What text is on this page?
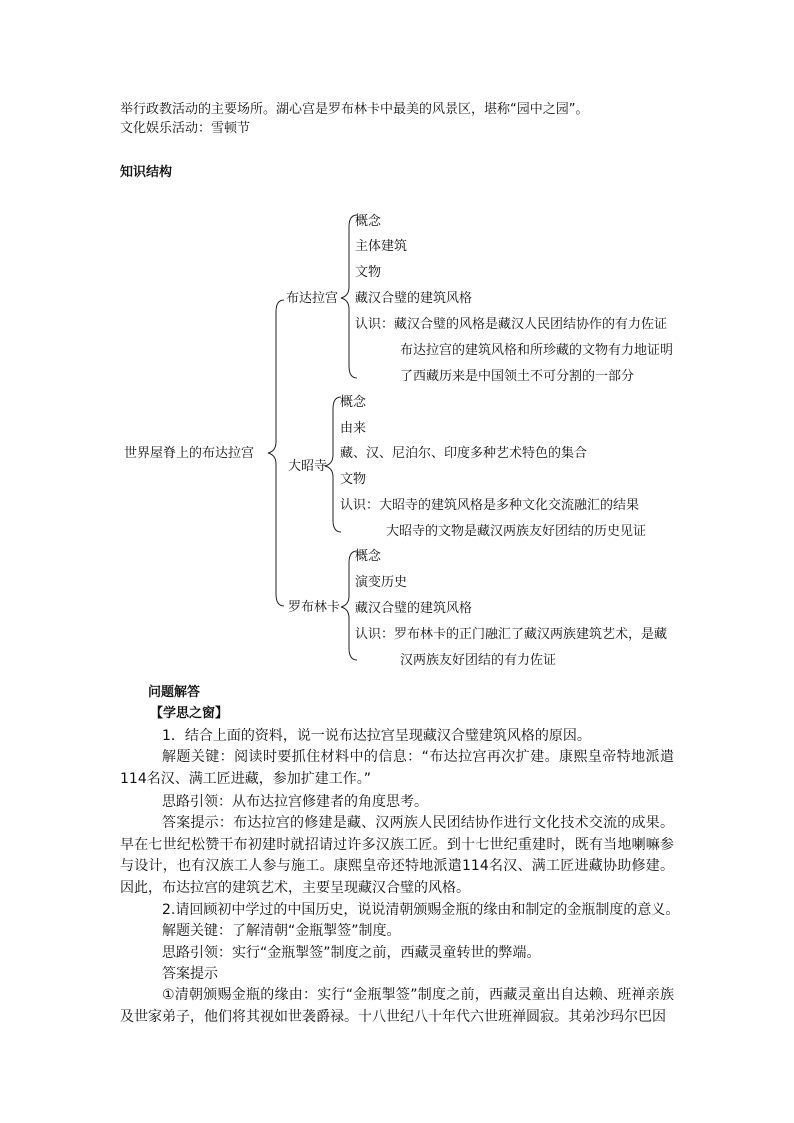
举行政教活动的主要场所。湖心宫是罗布林卡中最美的风景区，堪称“园中之园”。
文化娱乐活动：雪顿节
知识结构
世界屋脊上的布达拉宫
布达拉宫
大昭寺
罗布林卡
概念
主体建筑
文物
藏汉合璧的建筑风格
认识：藏汉合璧的风格是藏汉人民团结协作的有力佐证
布达拉宫的建筑风格和所珍藏的文物有力地证明
了西藏历来是中国领土不可分割的一部分
概念
由来
藏、汉、尼泊尔、印度多种艺术特色的集合
文物
认识：大昭寺的建筑风格是多种文化交流融汇的结果
大昭寺的文物是藏汉两族友好团结的历史见证
概念
演变历史
藏汉合璧的建筑风格
认识：罗布林卡的正门融汇了藏汉两族建筑艺术，是藏
汉两族友好团结的有力佐证
问题解答
【学思之窗】
1．结合上面的资料，说一说布达拉宫呈现藏汉合璧建筑风格的原因。
解题关键：阅读时要抓住材料中的信息：“布达拉宫再次扩建。康熙皇帝特地派遣114名汉、满工匠进藏，参加扩建工作。”
思路引领：从布达拉宫修建者的角度思考。
答案提示：布达拉宫的修建是藏、汉两族人民团结协作进行文化技术交流的成果。早在七世纪松赞干布初建时就招请过许多汉族工匠。到十七世纪重建时，既有当地喇嘛参与设计，也有汉族工人参与施工。康熙皇帝还特地派遣114名汉、满工匠进藏协助修建。因此，布达拉宫的建筑艺术，主要呈现藏汉合璧的风格。
2.请回顾初中学过的中国历史，说说清朝颁赐金瓶的缘由和制定的金瓶制度的意义。
解题关键：了解清朝“金瓶掣签”制度。
思路引领：实行“金瓶掣签”制度之前，西藏灵童转世的弊端。
答案提示
①清朝颁赐金瓶的缘由：实行“金瓶掣签”制度之前，西藏灵童出自达赖、班禅亲族及世家弟子，他们将其视如世袭爵禄。十八世纪八十年代六世班禅圆寂。其弟沙玛尔巴因
